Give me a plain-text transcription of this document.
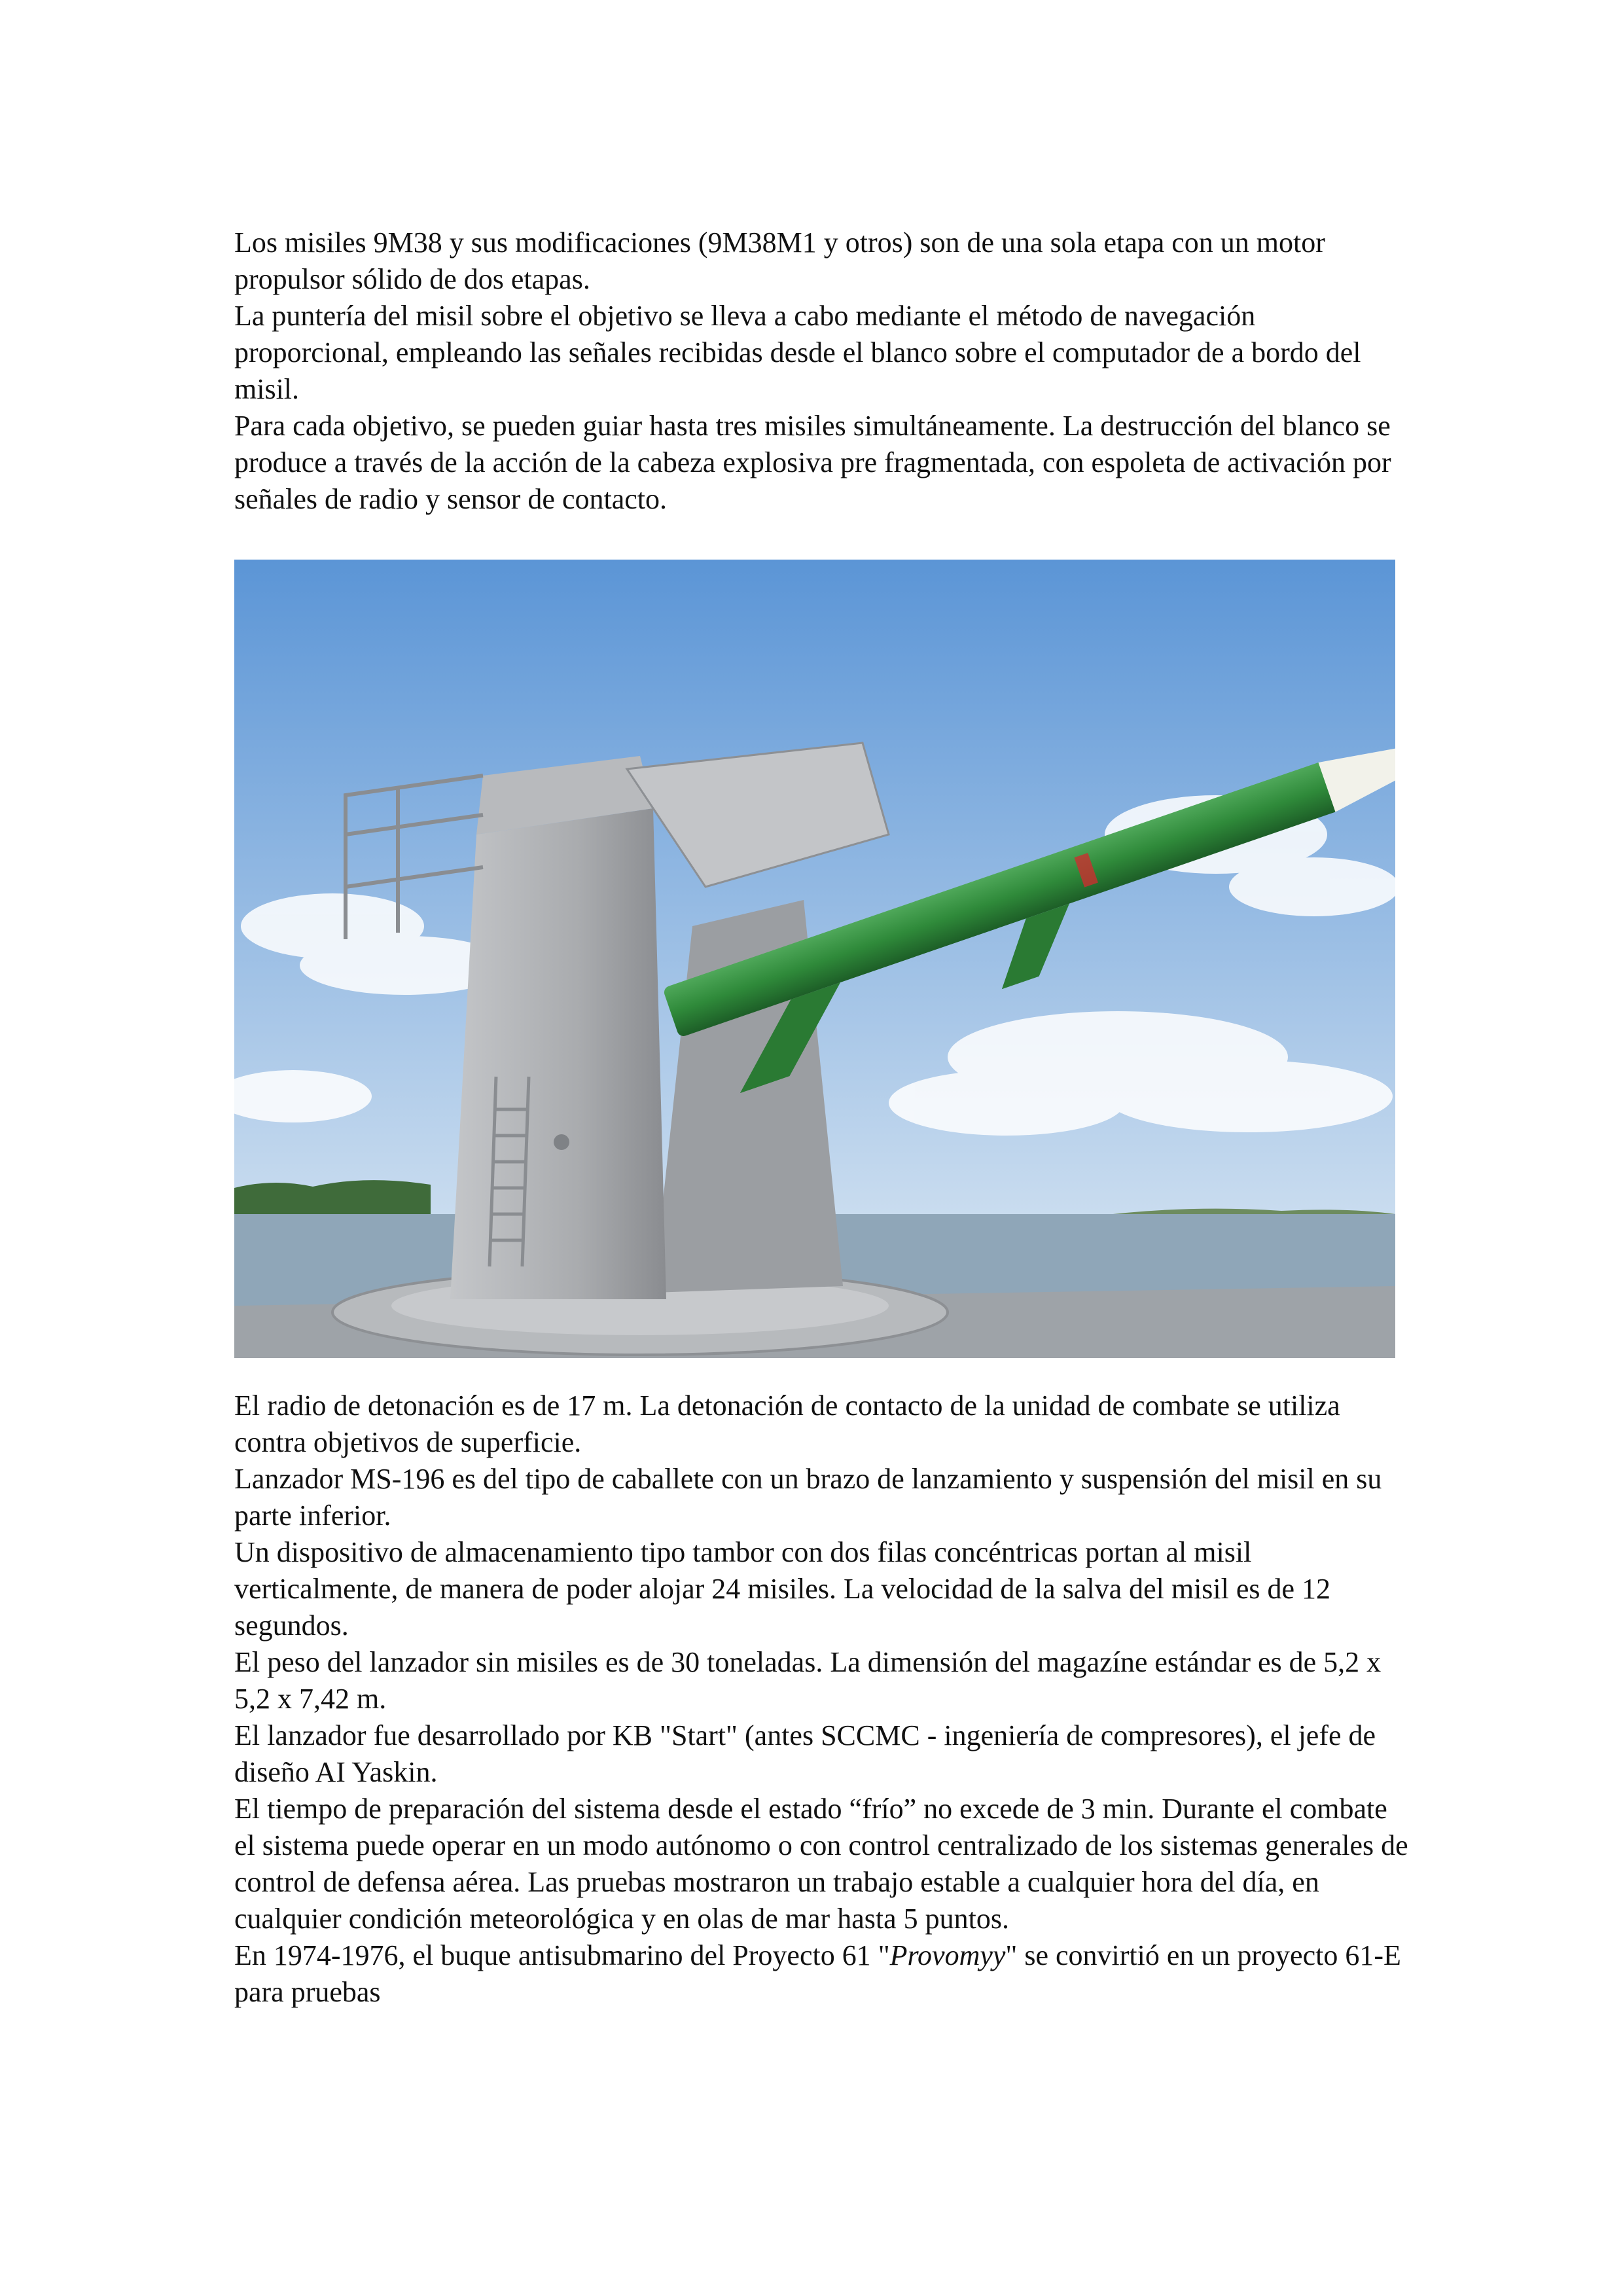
Los misiles 9M38 y sus modificaciones (9M38M1 y otros) son de una sola etapa con un motor propulsor sólido de dos etapas.

La puntería del misil sobre el objetivo se lleva a cabo mediante el método de navegación proporcional, empleando las señales recibidas desde el blanco sobre el computador de a bordo del misil.

Para cada objetivo, se pueden guiar hasta tres misiles simultáneamente. La destrucción del blanco se produce a través de la acción de la cabeza explosiva pre fragmentada, con espoleta de activación por señales de radio y sensor de contacto.

El radio de detonación es de 17 m. La detonación de contacto de la unidad de combate se utiliza contra objetivos de superficie.

Lanzador MS-196 es del tipo de caballete con un brazo de lanzamiento y suspensión del misil en su parte inferior.

Un dispositivo de almacenamiento tipo tambor con dos filas concéntricas portan al misil verticalmente, de manera de poder alojar 24 misiles. La velocidad de la salva del misil es de 12 segundos.

El peso del lanzador sin misiles es de 30 toneladas. La dimensión del magazíne estándar es de 5,2 x 5,2 x 7,42 m.

El lanzador fue desarrollado por KB "Start" (antes SCCMC - ingeniería de compresores), el jefe de diseño AI Yaskin.

El tiempo de preparación del sistema desde el estado “frío” no excede de 3 min. Durante el combate el sistema puede operar en un modo autónomo o con control centralizado de los sistemas generales de control de defensa aérea. Las pruebas mostraron un trabajo estable a cualquier hora del día, en cualquier condición meteorológica y en olas de mar hasta 5 puntos.

En 1974-1976, el buque antisubmarino del Proyecto 61 "Provomyy" se convirtió en un proyecto 61-E para pruebas
